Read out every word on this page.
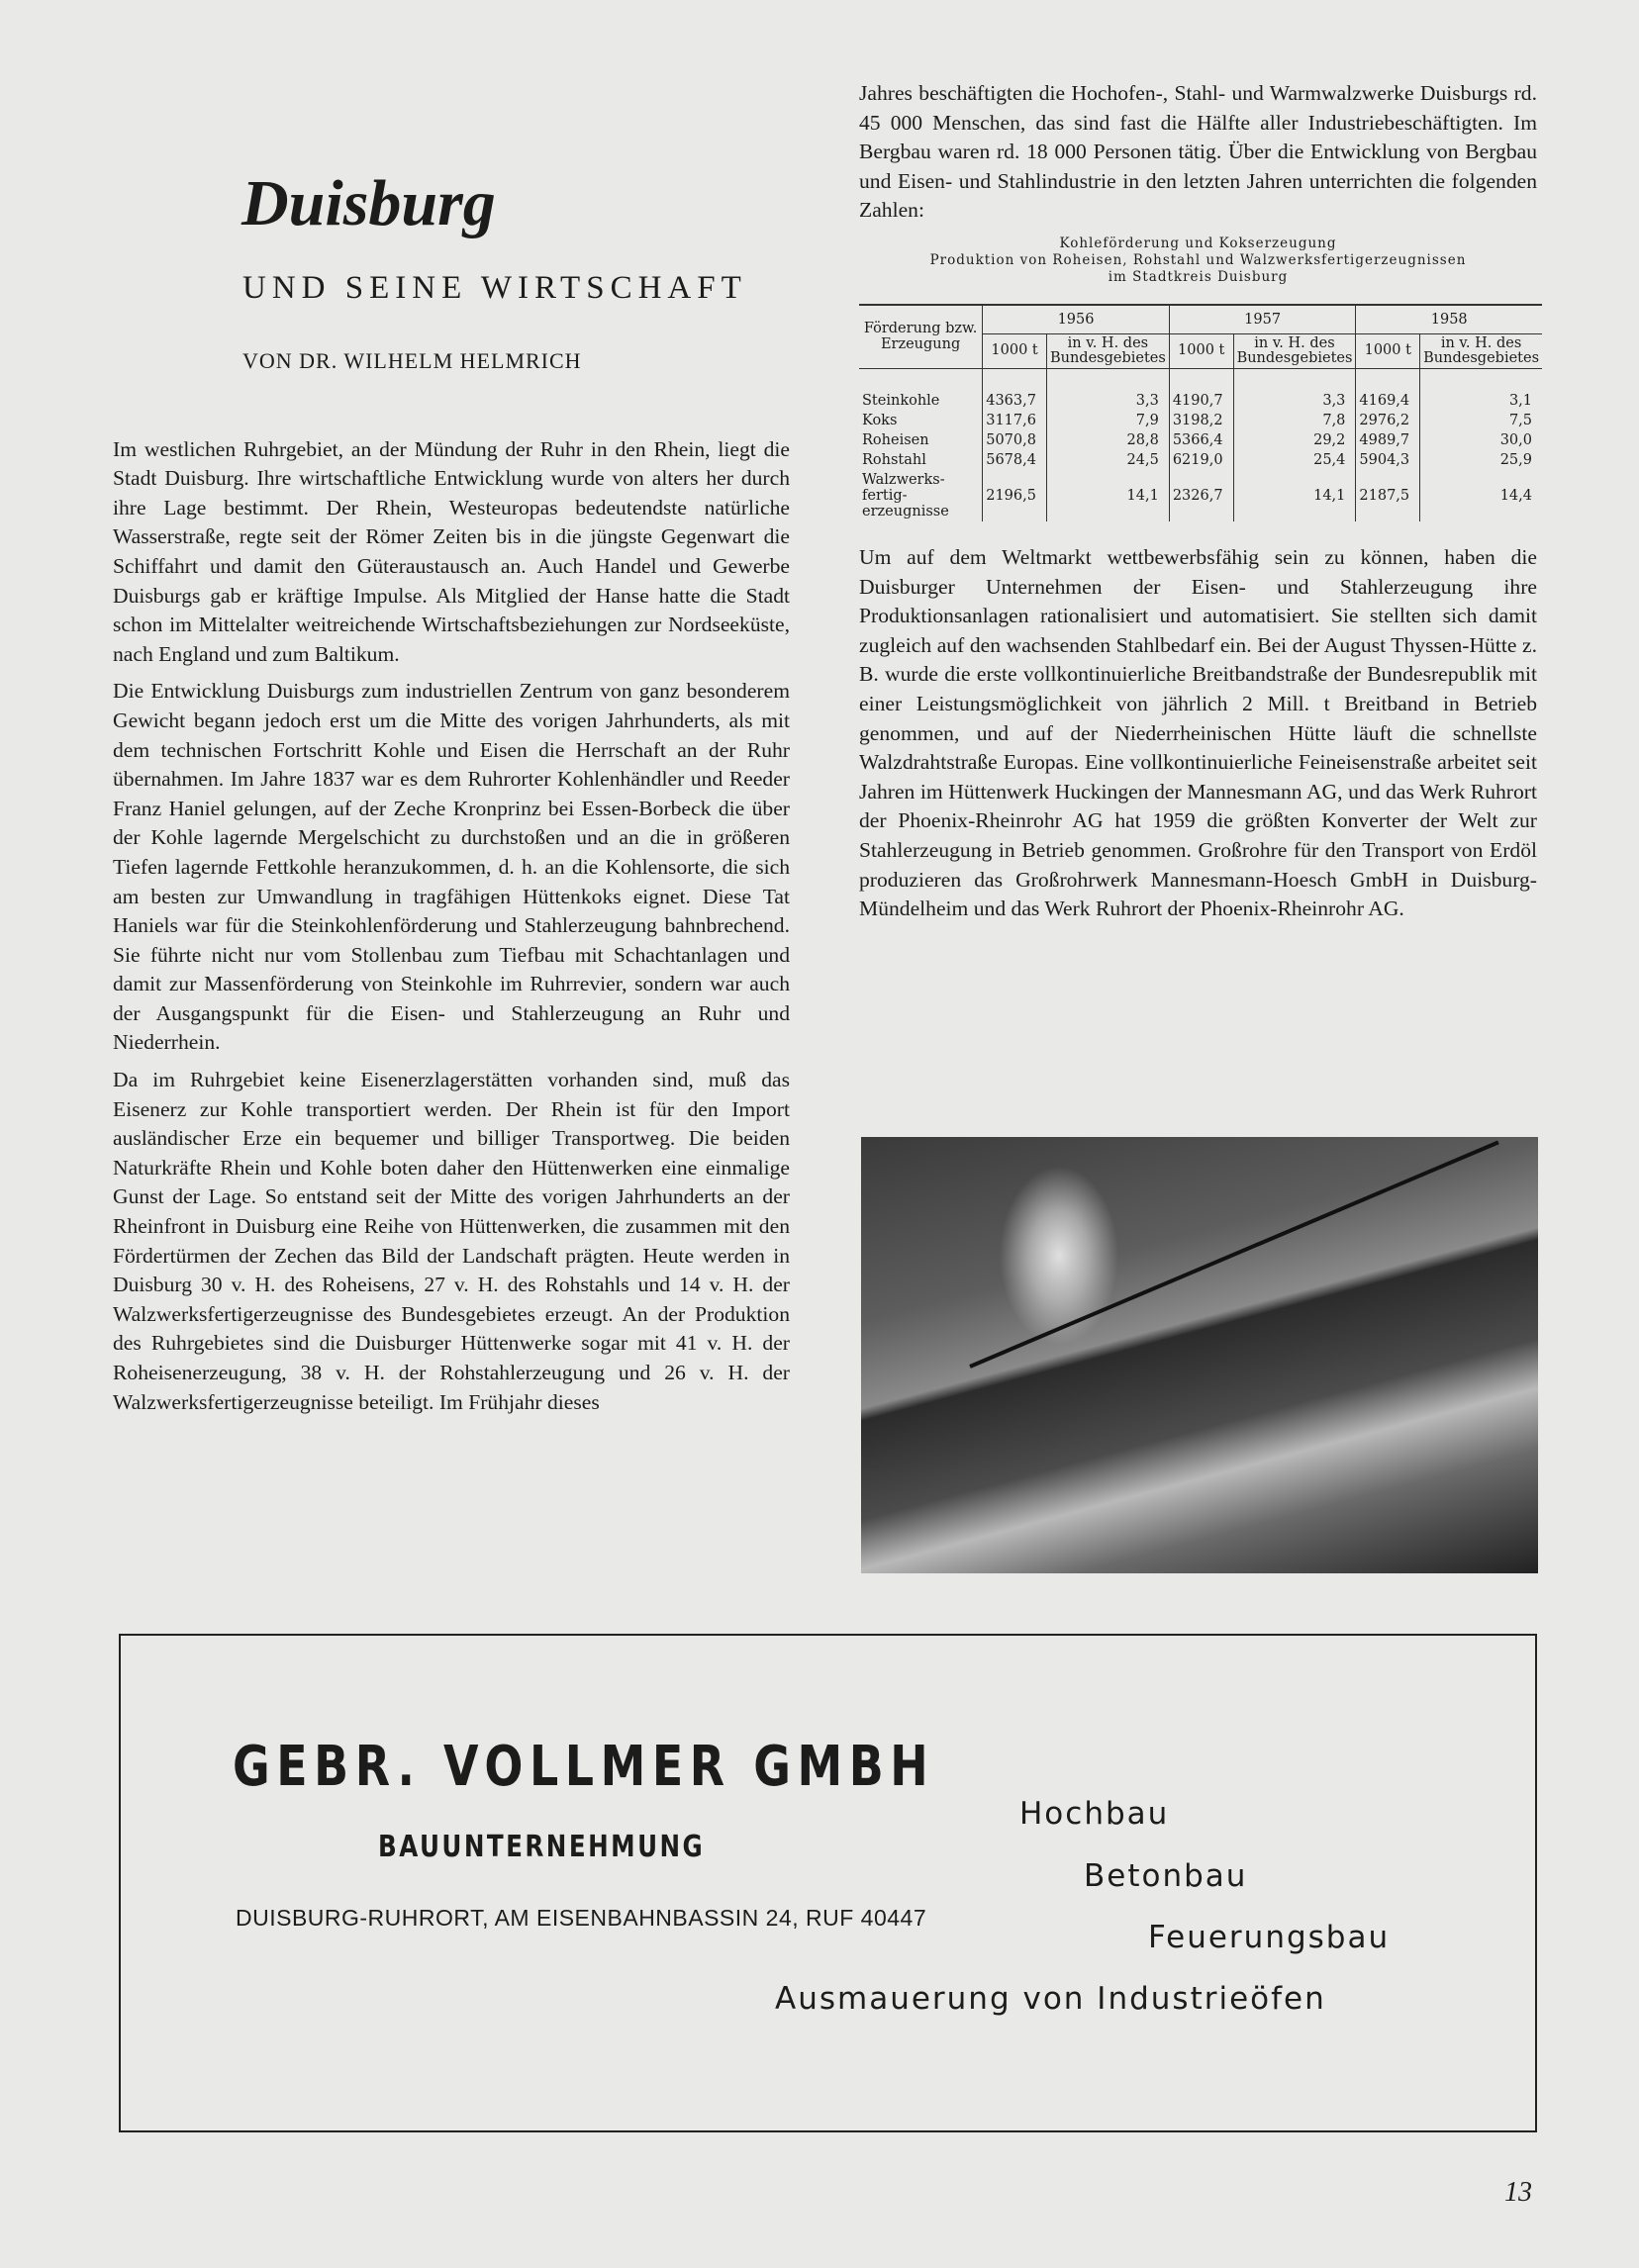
Duisburg
UND SEINE WIRTSCHAFT
VON DR. WILHELM HELMRICH

Im westlichen Ruhrgebiet, an der Mündung der Ruhr in den Rhein, liegt die Stadt Duisburg. Ihre wirtschaftliche Entwicklung wurde von alters her durch ihre Lage bestimmt. Der Rhein, Westeuropas bedeutendste natürliche Wasserstraße, regte seit der Römer Zeiten bis in die jüngste Gegenwart die Schiffahrt und damit den Güteraustausch an. Auch Handel und Gewerbe Duisburgs gab er kräftige Impulse. Als Mitglied der Hanse hatte die Stadt schon im Mittelalter weitreichende Wirtschaftsbeziehungen zur Nordseeküste, nach England und zum Baltikum.

Die Entwicklung Duisburgs zum industriellen Zentrum von ganz besonderem Gewicht begann jedoch erst um die Mitte des vorigen Jahrhunderts, als mit dem technischen Fortschritt Kohle und Eisen die Herrschaft an der Ruhr übernahmen. Im Jahre 1837 war es dem Ruhrorter Kohlenhändler und Reeder Franz Haniel gelungen, auf der Zeche Kronprinz bei Essen-Borbeck die über der Kohle lagernde Mergelschicht zu durchstoßen und an die in größeren Tiefen lagernde Fettkohle heranzukommen, d. h. an die Kohlensorte, die sich am besten zur Umwandlung in tragfähigen Hüttenkoks eignet. Diese Tat Haniels war für die Steinkohlenförderung und Stahlerzeugung bahnbrechend. Sie führte nicht nur vom Stollenbau zum Tiefbau mit Schachtanlagen und damit zur Massenförderung von Steinkohle im Ruhrrevier, sondern war auch der Ausgangspunkt für die Eisen- und Stahlerzeugung an Ruhr und Niederrhein.

Da im Ruhrgebiet keine Eisenerzlagerstätten vorhanden sind, muß das Eisenerz zur Kohle transportiert werden. Der Rhein ist für den Import ausländischer Erze ein bequemer und billiger Transportweg. Die beiden Naturkräfte Rhein und Kohle boten daher den Hüttenwerken eine einmalige Gunst der Lage. So entstand seit der Mitte des vorigen Jahrhunderts an der Rheinfront in Duisburg eine Reihe von Hüttenwerken, die zusammen mit den Fördertürmen der Zechen das Bild der Landschaft prägten. Heute werden in Duisburg 30 v. H. des Roheisens, 27 v. H. des Rohstahls und 14 v. H. der Walzwerksfertigerzeugnisse des Bundesgebietes erzeugt. An der Produktion des Ruhrgebietes sind die Duisburger Hüttenwerke sogar mit 41 v. H. der Roheisenerzeugung, 38 v. H. der Rohstahlerzeugung und 26 v. H. der Walzwerksfertigerzeugnisse beteiligt. Im Frühjahr dieses

Jahres beschäftigten die Hochofen-, Stahl- und Warmwalzwerke Duisburgs rd. 45 000 Menschen, das sind fast die Hälfte aller Industriebeschäftigten. Im Bergbau waren rd. 18 000 Personen tätig. Über die Entwicklung von Bergbau und Eisen- und Stahlindustrie in den letzten Jahren unterrichten die folgenden Zahlen:

Kohleförderung und Kokserzeugung
Produktion von Roheisen, Rohstahl und Walzwerksfertigerzeugnissen
im Stadtkreis Duisburg
Förderung bzw. Erzeugung	1956		1957		1958	
	1000 t	in v. H. des Bundesgebietes	1000 t	in v. H. des Bundesgebietes	1000 t	in v. H. des Bundesgebietes
Steinkohle	4363,7	3,3	4190,7	3,3	4169,4	3,1
Koks	3117,6	7,9	3198,2	7,8	2976,2	7,5
Roheisen	5070,8	28,8	5366,4	29,2	4989,7	30,0
Rohstahl	5678,4	24,5	6219,0	25,4	5904,3	25,9
Walzwerks-fertig-erzeugnisse	2196,5	14,1	2326,7	14,1	2187,5	14,4

Um auf dem Weltmarkt wettbewerbsfähig sein zu können, haben die Duisburger Unternehmen der Eisen- und Stahlerzeugung ihre Produktionsanlagen rationalisiert und automatisiert. Sie stellten sich damit zugleich auf den wachsenden Stahlbedarf ein. Bei der August Thyssen-Hütte z. B. wurde die erste vollkontinuierliche Breitbandstraße der Bundesrepublik mit einer Leistungsmöglichkeit von jährlich 2 Mill. t Breitband in Betrieb genommen, und auf der Niederrheinischen Hütte läuft die schnellste Walzdrahtstraße Europas. Eine vollkontinuierliche Feineisenstraße arbeitet seit Jahren im Hüttenwerk Huckingen der Mannesmann AG, und das Werk Ruhrort der Phoenix-Rheinrohr AG hat 1959 die größten Konverter der Welt zur Stahlerzeugung in Betrieb genommen. Großrohre für den Transport von Erdöl produzieren das Großrohrwerk Mannesmann-Hoesch GmbH in Duisburg-Mündelheim und das Werk Ruhrort der Phoenix-Rheinrohr AG.

GEBR. VOLLMER GMBH
BAUUNTERNEHMUNG
DUISBURG-RUHRORT, AM EISENBAHNBASSIN 24, RUF 40447
Hochbau
Betonbau
Feuerungsbau
Ausmauerung von Industrieöfen
13
